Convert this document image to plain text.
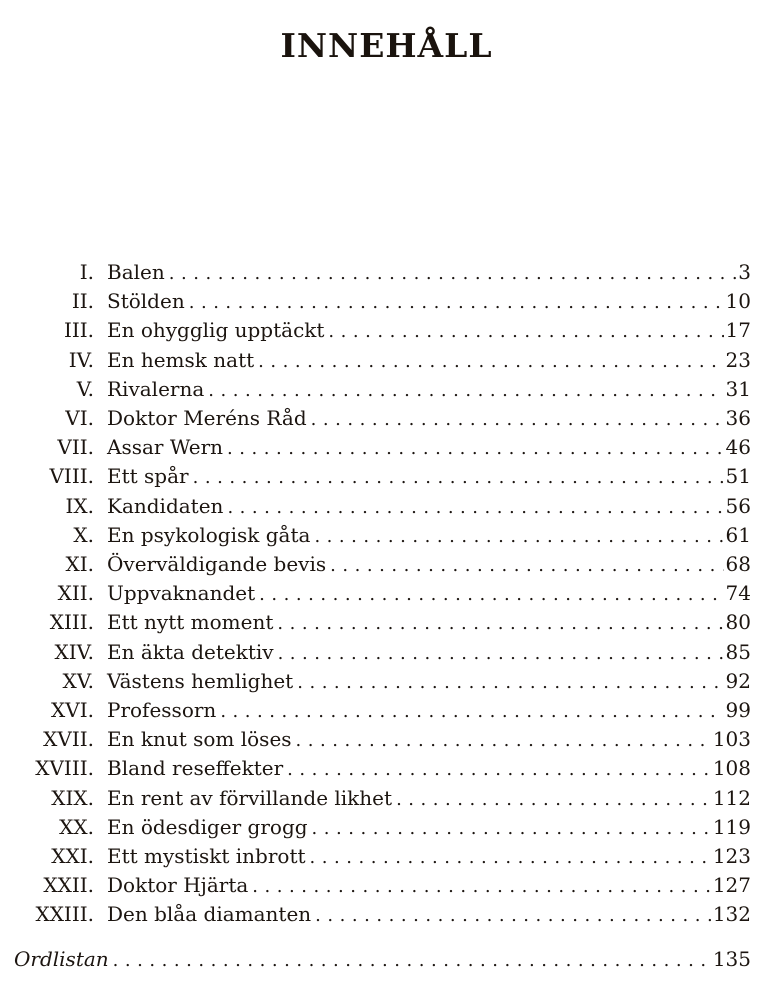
INNEHÅLL
I. Balen . . .	3
II. Stölden . . .	10
III. En ohygglig upptäckt . . .	17
IV. En hemsk natt . . .	23
V. Rivalerna . . .	31
VI. Doktor Meréns Råd . . .	36
VII. Assar Wern . . .	46
VIII. Ett spår . . .	51
IX. Kandidaten . . .	56
X. En psykologisk gåta . . .	61
XI. Överväldigande bevis . . .	68
XII. Uppvaknandet . . .	74
XIII. Ett nytt moment . . .	80
XIV. En äkta detektiv . . .	85
XV. Västens hemlighet . . .	92
XVI. Professorn . . .	99
XVII. En knut som löses . . .	103
XVIII. Bland reseffekter . . .	108
XIX. En rent av förvillande likhet . . .	112
XX. En ödesdiger grogg . . .	119
XXI. Ett mystiskt inbrott . . .	123
XXII. Doktor Hjärta . . .	127
XXIII. Den blåa diamanten . . .	132
Ordlistan . . .	135
